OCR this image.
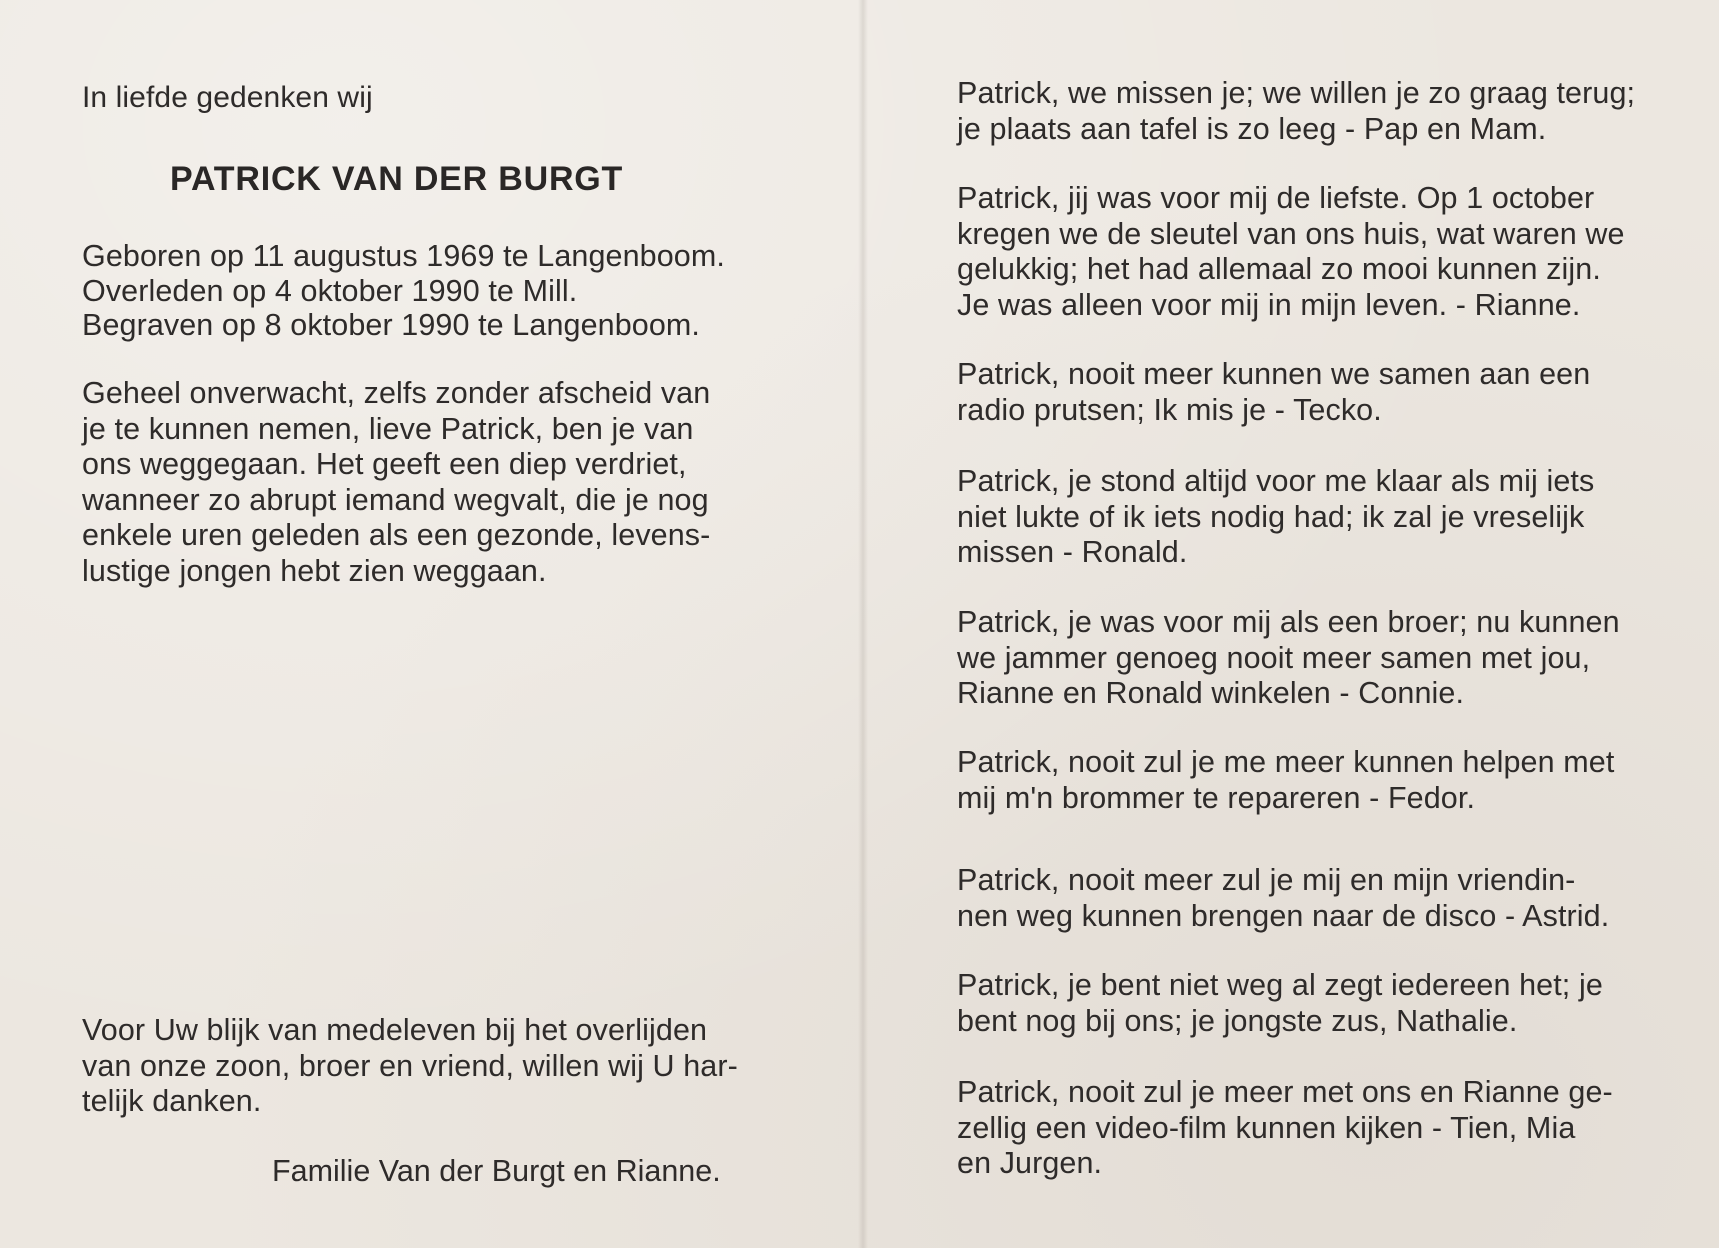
In liefde gedenken wij

PATRICK VAN DER BURGT

Geboren op 11 augustus 1969 te Langenboom.
Overleden op 4 oktober 1990 te Mill.
Begraven op 8 oktober 1990 te Langenboom.

Geheel onverwacht, zelfs zonder afscheid van
je te kunnen nemen, lieve Patrick, ben je van
ons weggegaan. Het geeft een diep verdriet,
wanneer zo abrupt iemand wegvalt, die je nog
enkele uren geleden als een gezonde, levens-
lustige jongen hebt zien weggaan.

Voor Uw blijk van medeleven bij het overlijden
van onze zoon, broer en vriend, willen wij U har-
telijk danken.

Familie Van der Burgt en Rianne.

Patrick, we missen je; we willen je zo graag terug;
je plaats aan tafel is zo leeg - Pap en Mam.

Patrick, jij was voor mij de liefste. Op 1 october
kregen we de sleutel van ons huis, wat waren we
gelukkig; het had allemaal zo mooi kunnen zijn.
Je was alleen voor mij in mijn leven. - Rianne.

Patrick, nooit meer kunnen we samen aan een
radio prutsen; Ik mis je - Tecko.

Patrick, je stond altijd voor me klaar als mij iets
niet lukte of ik iets nodig had; ik zal je vreselijk
missen - Ronald.

Patrick, je was voor mij als een broer; nu kunnen
we jammer genoeg nooit meer samen met jou,
Rianne en Ronald winkelen - Connie.

Patrick, nooit zul je me meer kunnen helpen met
mij m'n brommer te repareren - Fedor.

Patrick, nooit meer zul je mij en mijn vriendin-
nen weg kunnen brengen naar de disco - Astrid.

Patrick, je bent niet weg al zegt iedereen het; je
bent nog bij ons; je jongste zus, Nathalie.

Patrick, nooit zul je meer met ons en Rianne ge-
zellig een video-film kunnen kijken - Tien, Mia
en Jurgen.
